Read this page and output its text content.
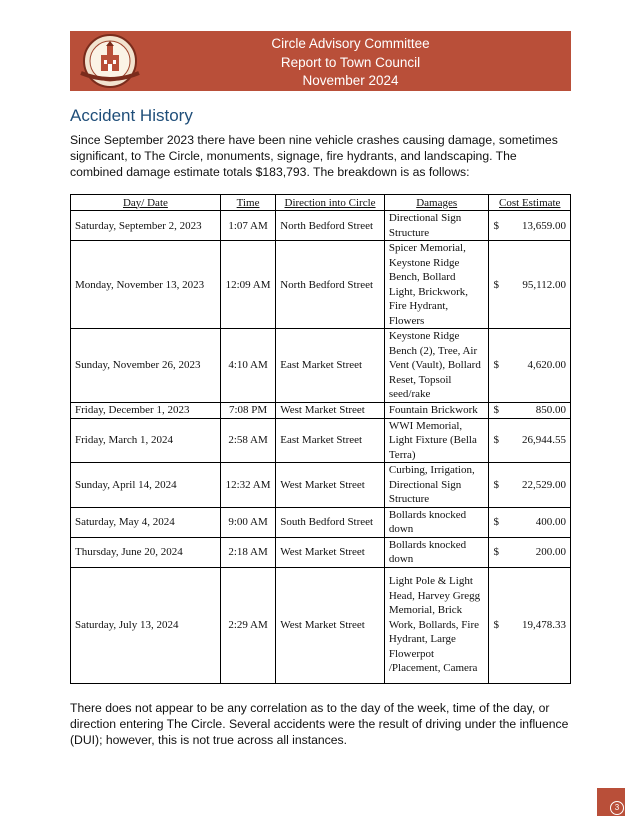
Circle Advisory Committee
Report to Town Council
November 2024
Accident History
Since September 2023 there have been nine vehicle crashes causing damage, sometimes significant, to The Circle, monuments, signage, fire hydrants, and landscaping. The combined damage estimate totals $183,793. The breakdown is as follows:
Day/ Date	Time	Direction into Circle	Damages	Cost Estimate
Saturday, September 2, 2023	1:07 AM	North Bedford Street	Directional Sign Structure	$ 13,659.00

Monday, November 13, 2023	12:09 AM	North Bedford Street	Spicer Memorial, Keystone Ridge Bench, Bollard Light, Brickwork, Fire Hydrant, Flowers	$ 95,112.00

Sunday, November 26, 2023	4:10 AM	East Market Street	Keystone Ridge Bench (2), Tree, Air Vent (Vault), Bollard Reset, Topsoil seed/rake	$ 4,620.00

Friday, December 1, 2023	7:08 PM	West Market Street	Fountain Brickwork	$ 850.00

Friday, March 1, 2024	2:58 AM	East Market Street	WWI Memorial, Light Fixture (Bella Terra)	$ 26,944.55

Sunday, April 14, 2024	12:32 AM	West Market Street	Curbing, Irrigation, Directional Sign Structure	$ 22,529.00

Saturday, May 4, 2024	9:00 AM	South Bedford Street	Bollards knocked down	$ 400.00

Thursday, June 20, 2024	2:18 AM	West Market Street	Bollards knocked down	$ 200.00

Saturday, July 13, 2024	2:29 AM	West Market Street	Light Pole & Light Head, Harvey Gregg Memorial, Brick Work, Bollards, Fire Hydrant, Large Flowerpot /Placement, Camera	$ 19,478.33
There does not appear to be any correlation as to the day of the week, time of the day, or direction entering The Circle. Several accidents were the result of driving under the influence (DUI); however, this is not true across all instances.
3
